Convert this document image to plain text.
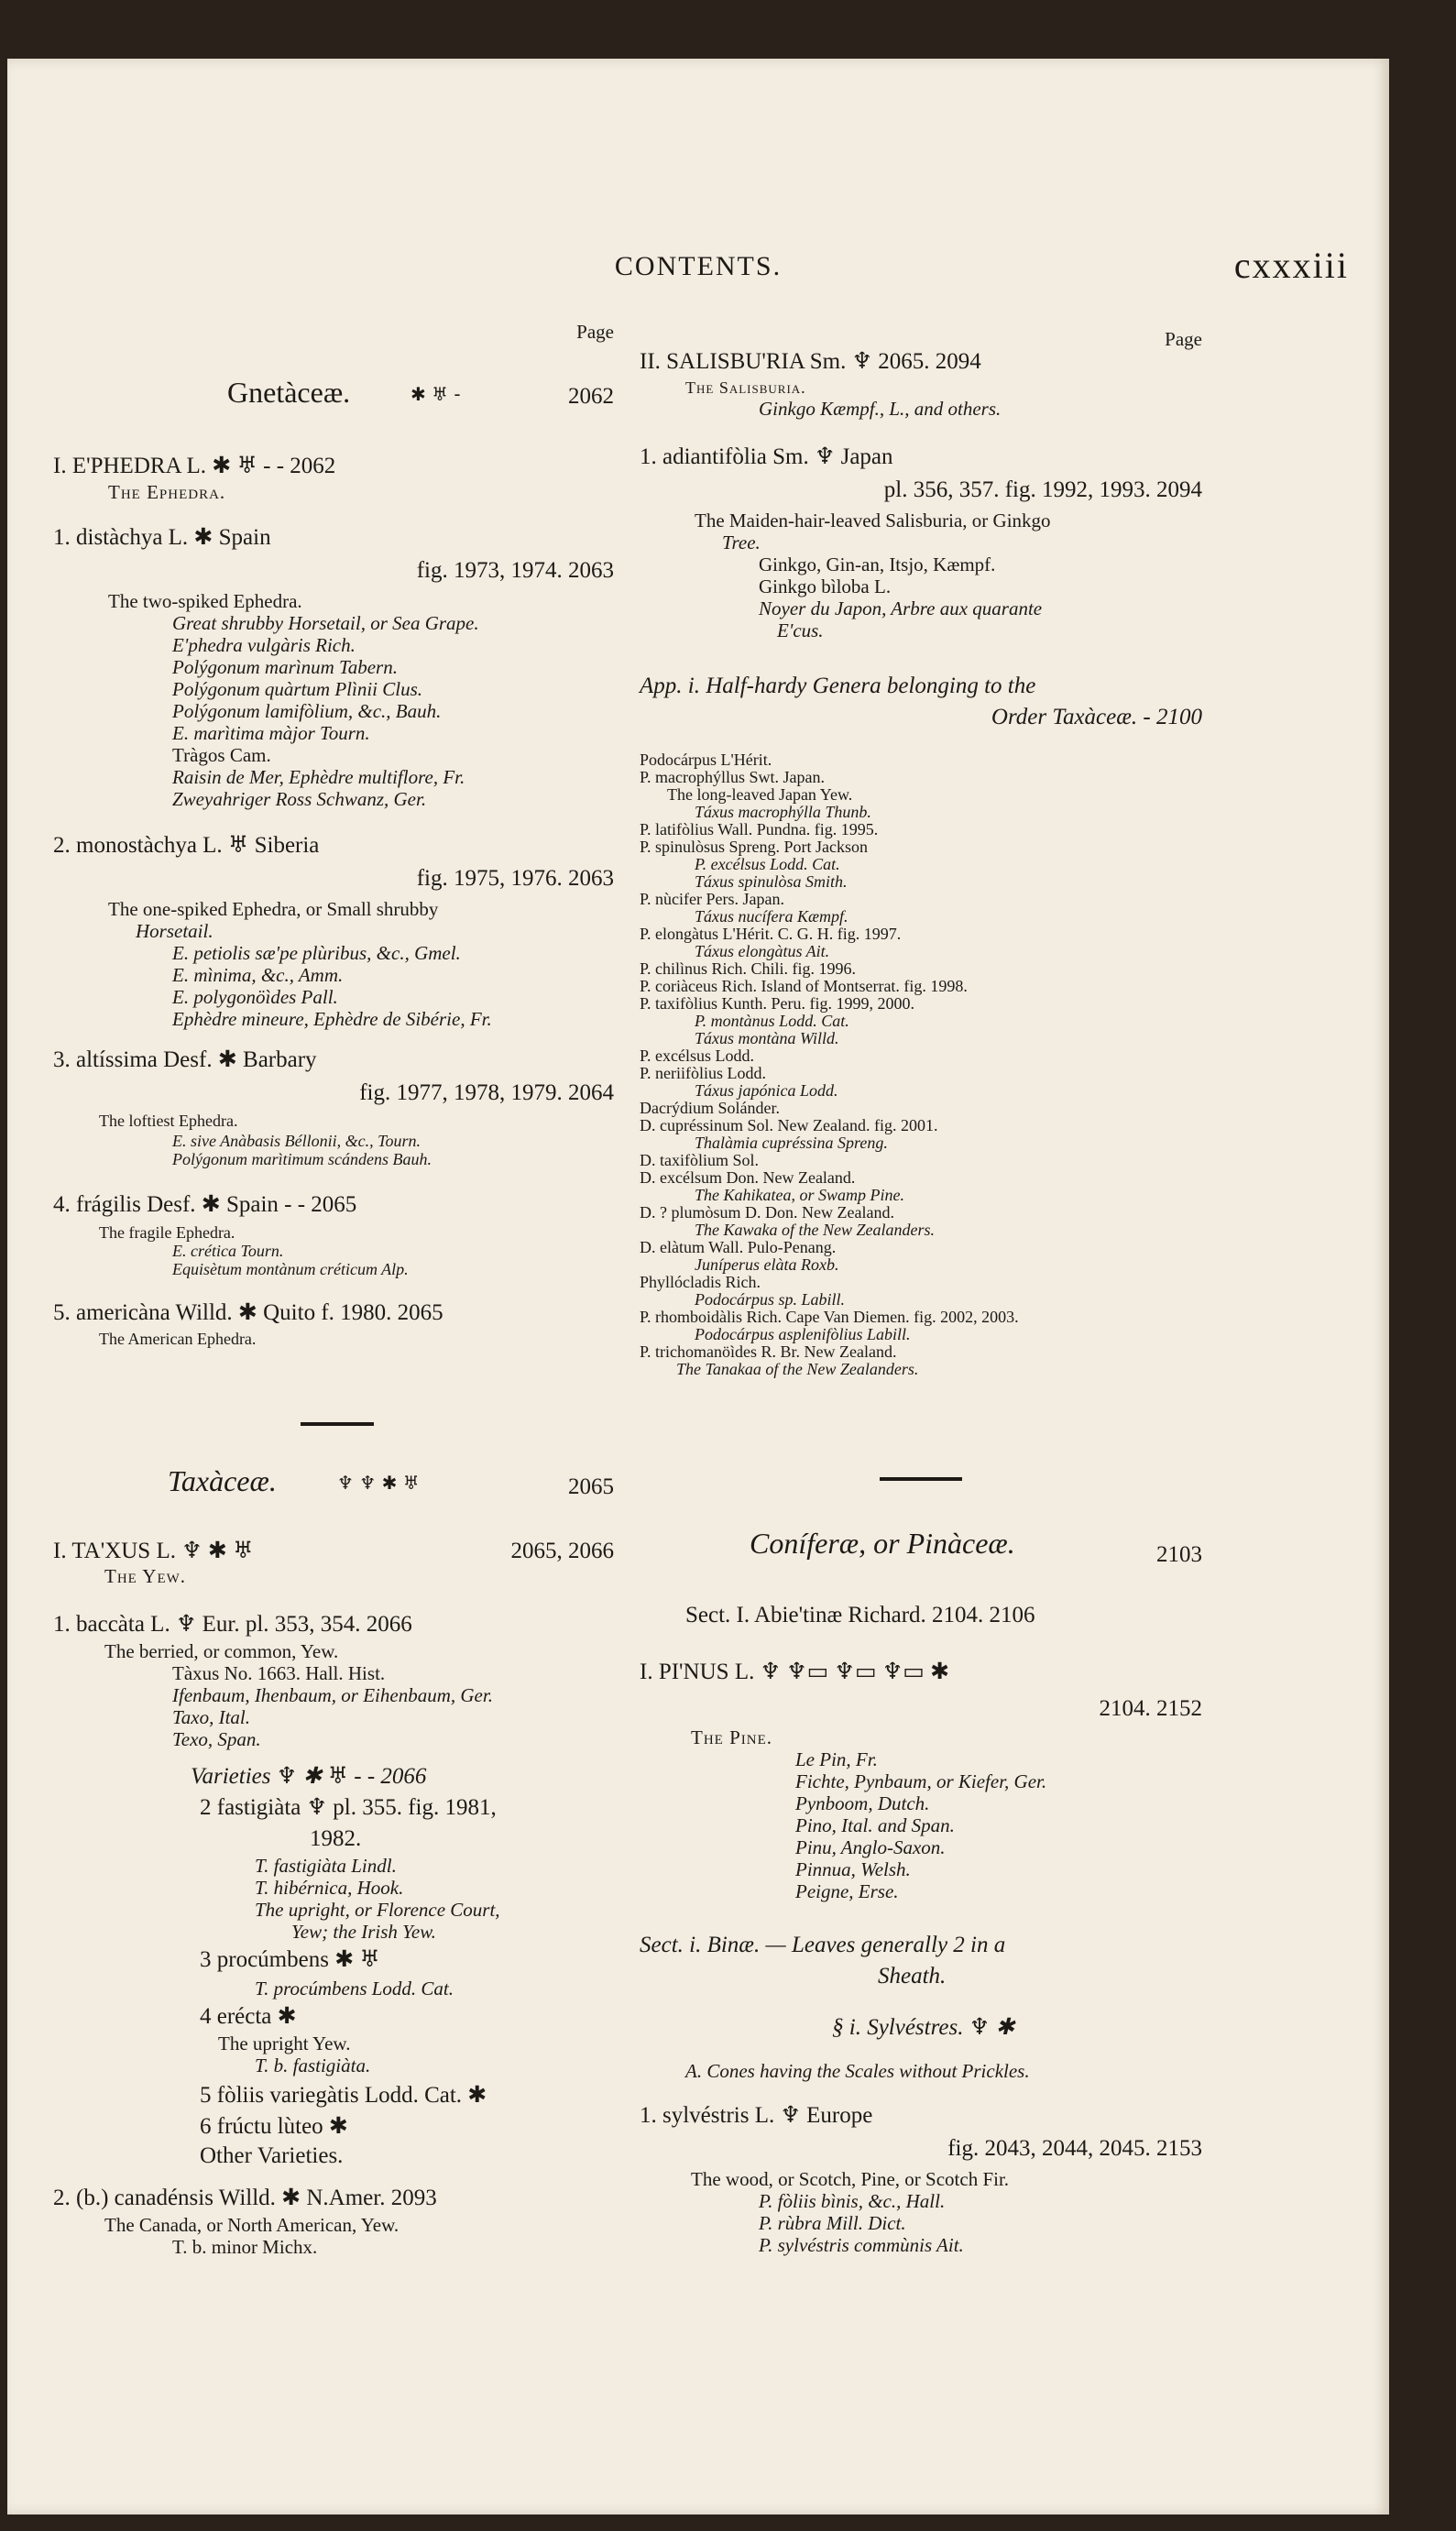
CONTENTS.	cxxxiii
Page
Gnetàceæ.	✱ ♅ -	2062
I. E'PHEDRA L. ✱ ♅ - - 2062
The Ephedra.
1. distàchya L. ✱ Spain
fig. 1973, 1974. 2063
The two-spiked Ephedra.
Great shrubby Horsetail, or Sea Grape.
E'phedra vulgàris Rich.
Polýgonum marìnum Tabern.
Polýgonum quàrtum Plìnii Clus.
Polýgonum lamifòlium, &c., Bauh.
E. marìtima màjor Tourn.
Tràgos Cam.
Raisin de Mer, Ephèdre multiflore, Fr.
Zweyahriger Ross Schwanz, Ger.
2. monostàchya L. ♅ Siberia
fig. 1975, 1976. 2063
The one-spiked Ephedra, or Small shrubby
Horsetail.
E. petiolis sæ'pe plùribus, &c., Gmel.
E. mìnima, &c., Amm.
E. polygonöìdes Pall.
Ephèdre mineure, Ephèdre de Sibérie, Fr.
3. altíssima Desf. ✱ Barbary
fig. 1977, 1978, 1979. 2064
The loftiest Ephedra.
E. sive Anàbasis Béllonii, &c., Tourn.
Polýgonum marìtimum scándens Bauh.
4. frágilis Desf. ✱ Spain - - 2065
The fragile Ephedra.
E. crética Tourn.
Equisètum montànum créticum Alp.
5. americàna Willd. ✱ Quito f. 1980. 2065
The American Ephedra.
Taxàceæ.	♆ ♆ ✱ ♅	2065
I. TA'XUS L. ♆ ✱ ♅	2065, 2066
The Yew.
1. baccàta L. ♆ Eur. pl. 353, 354. 2066
The berried, or common, Yew.
Tàxus No. 1663. Hall. Hist.
Ifenbaum, Ihenbaum, or Eihenbaum, Ger.
Taxo, Ital.
Texo, Span.
Varieties ♆ ✱ ♅ - - 2066
2 fastigiàta ♆ pl. 355. fig. 1981,
1982.
T. fastigiàta Lindl.
T. hibérnica, Hook.
The upright, or Florence Court,
Yew; the Irish Yew.
3 procúmbens ✱ ♅
T. procúmbens Lodd. Cat.
4 erécta ✱
The upright Yew.
T. b. fastigiàta.
5 fòliis variegàtis Lodd. Cat. ✱
6 frúctu lùteo ✱
Other Varieties.
2. (b.) canadénsis Willd. ✱ N.Amer. 2093
The Canada, or North American, Yew.
T. b. minor Michx.
Page
II. SALISBU'RIA Sm. ♆ 2065. 2094
The Salisburia.
Ginkgo Kæmpf., L., and others.
1. adiantifòlia Sm. ♆ Japan
pl. 356, 357. fig. 1992, 1993. 2094
The Maiden-hair-leaved Salisburia, or Ginkgo
Tree.
Ginkgo, Gin-an, Itsjo, Kæmpf.
Ginkgo bìloba L.
Noyer du Japon, Arbre aux quarante
E'cus.
App. i. Half-hardy Genera belonging to the
Order Taxàceæ. - 2100
Podocárpus L'Hérit.
P. macrophýllus Swt. Japan.
The long-leaved Japan Yew.
Táxus macrophýlla Thunb.
P. latifòlius Wall. Pundna. fig. 1995.
P. spinulòsus Spreng. Port Jackson
P. excélsus Lodd. Cat.
Táxus spinulòsa Smith.
P. nùcifer Pers. Japan.
Táxus nucífera Kæmpf.
P. elongàtus L'Hérit. C. G. H. fig. 1997.
Táxus elongàtus Ait.
P. chilìnus Rich. Chili. fig. 1996.
P. coriàceus Rich. Island of Montserrat. fig. 1998.
P. taxifòlius Kunth. Peru. fig. 1999, 2000.
P. montànus Lodd. Cat.
Táxus montàna Willd.
P. excélsus Lodd.
P. neriifòlius Lodd.
Táxus japónica Lodd.
Dacrýdium Solánder.
D. cupréssinum Sol. New Zealand. fig. 2001.
Thalàmia cupréssina Spreng.
D. taxifòlium Sol.
D. excélsum Don. New Zealand.
The Kahikatea, or Swamp Pine.
D. ? plumòsum D. Don. New Zealand.
The Kawaka of the New Zealanders.
D. elàtum Wall. Pulo-Penang.
Juníperus elàta Roxb.
Phyllócladis Rich.
Podocárpus sp. Labill.
P. rhomboidàlis Rich. Cape Van Diemen. fig. 2002, 2003.
Podocárpus asplenifòlius Labill.
P. trichomanöìdes R. Br. New Zealand.
The Tanakaa of the New Zealanders.
Coníferæ, or Pinàceæ.	2103
Sect. I. Abie'tinæ Richard. 2104. 2106
I. PI'NUS L. ♆ ♆▭ ♆▭ ♆▭ ✱
2104. 2152
The Pine.
Le Pin, Fr.
Fichte, Pynbaum, or Kiefer, Ger.
Pynboom, Dutch.
Pino, Ital. and Span.
Pinu, Anglo-Saxon.
Pinnua, Welsh.
Peigne, Erse.
Sect. i. Binæ. — Leaves generally 2 in a
Sheath.
§ i. Sylvéstres. ♆ ✱
A. Cones having the Scales without Prickles.
1. sylvéstris L. ♆ Europe
fig. 2043, 2044, 2045. 2153
The wood, or Scotch, Pine, or Scotch Fir.
P. fòliis bìnis, &c., Hall.
P. rùbra Mill. Dict.
P. sylvéstris commùnis Ait.
